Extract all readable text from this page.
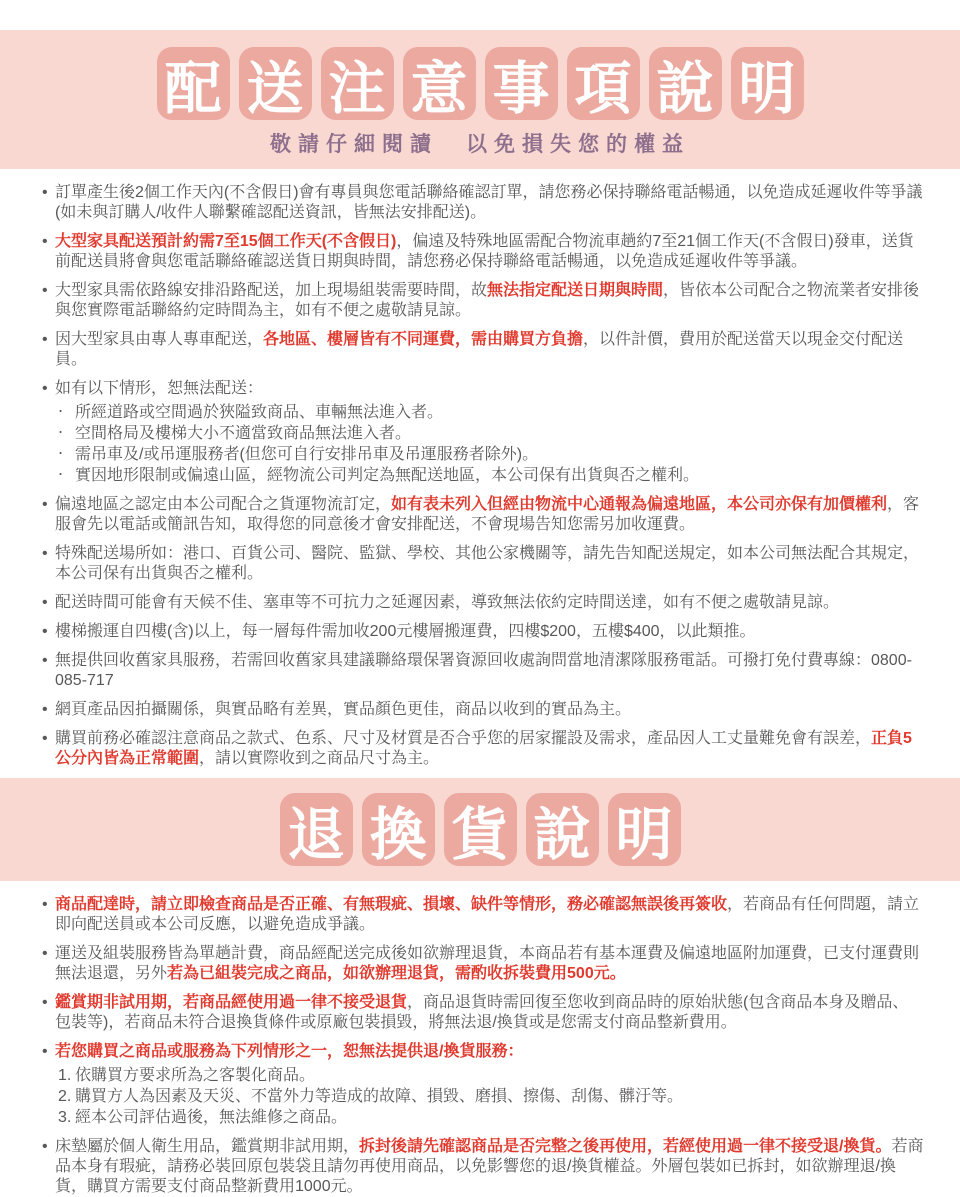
配 送 注 意 事 項 說 明
敬請仔細閱讀　以免損失您的權益
• 訂單產生後2個工作天內(不含假日)會有專員與您電話聯絡確認訂單，請您務必保持聯絡電話暢通，以免造成延遲收件等爭議(如未與訂購人/收件人聯繫確認配送資訊，皆無法安排配送)。
• 大型家具配送預計約需7至15個工作天(不含假日)，偏遠及特殊地區需配合物流車趟約7至21個工作天(不含假日)發車，送貨前配送員將會與您電話聯絡確認送貨日期與時間，請您務必保持聯絡電話暢通，以免造成延遲收件等爭議。
• 大型家具需依路線安排沿路配送，加上現場組裝需要時間，故無法指定配送日期與時間，皆依本公司配合之物流業者安排後與您實際電話聯絡約定時間為主，如有不便之處敬請見諒。
• 因大型家具由專人專車配送，各地區、樓層皆有不同運費，需由購買方負擔，以件計價，費用於配送當天以現金交付配送員。
• 如有以下情形，恕無法配送：
‧ 所經道路或空間過於狹隘致商品、車輛無法進入者。
‧ 空間格局及樓梯大小不適當致商品無法進入者。
‧ 需吊車及/或吊運服務者(但您可自行安排吊車及吊運服務者除外)。
‧ 實因地形限制或偏遠山區，經物流公司判定為無配送地區，本公司保有出貨與否之權利。
• 偏遠地區之認定由本公司配合之貨運物流訂定，如有表未列入但經由物流中心通報為偏遠地區，本公司亦保有加價權利，客服會先以電話或簡訊告知，取得您的同意後才會安排配送，不會現場告知您需另加收運費。
• 特殊配送場所如：港口、百貨公司、醫院、監獄、學校、其他公家機關等，請先告知配送規定，如本公司無法配合其規定，本公司保有出貨與否之權利。
• 配送時間可能會有天候不佳、塞車等不可抗力之延遲因素，導致無法依約定時間送達，如有不便之處敬請見諒。
• 樓梯搬運自四樓(含)以上，每一層每件需加收200元樓層搬運費，四樓$200，五樓$400，以此類推。
• 無提供回收舊家具服務，若需回收舊家具建議聯絡環保署資源回收處詢問當地清潔隊服務電話。可撥打免付費專線：0800-085-717
• 網頁產品因拍攝關係，與實品略有差異，實品顏色更佳，商品以收到的實品為主。
• 購買前務必確認注意商品之款式、色系、尺寸及材質是否合乎您的居家擺設及需求，產品因人工丈量難免會有誤差，正負5公分內皆為正常範圍，請以實際收到之商品尺寸為主。
退 換 貨 說 明
• 商品配達時，請立即檢查商品是否正確、有無瑕疵、損壞、缺件等情形，務必確認無誤後再簽收，若商品有任何問題，請立即向配送員或本公司反應，以避免造成爭議。
• 運送及組裝服務皆為單趟計費，商品經配送完成後如欲辦理退貨，本商品若有基本運費及偏遠地區附加運費，已支付運費則無法退還，另外若為已組裝完成之商品，如欲辦理退貨，需酌收拆裝費用500元。
• 鑑賞期非試用期，若商品經使用過一律不接受退貨，商品退貨時需回復至您收到商品時的原始狀態(包含商品本身及贈品、包裝等)，若商品未符合退換貨條件或原廠包裝損毀，將無法退/換貨或是您需支付商品整新費用。
• 若您購買之商品或服務為下列情形之一，恕無法提供退/換貨服務：
1. 依購買方要求所為之客製化商品。
2. 購買方人為因素及天災、不當外力等造成的故障、損毀、磨損、擦傷、刮傷、髒汙等。
3. 經本公司評估過後，無法維修之商品。
• 床墊屬於個人衛生用品，鑑賞期非試用期，拆封後請先確認商品是否完整之後再使用，若經使用過一律不接受退/換貨。若商品本身有瑕疵，請務必裝回原包裝袋且請勿再使用商品，以免影響您的退/換貨權益。外層包裝如已拆封，如欲辦理退/換貨，購買方需要支付商品整新費用1000元。
